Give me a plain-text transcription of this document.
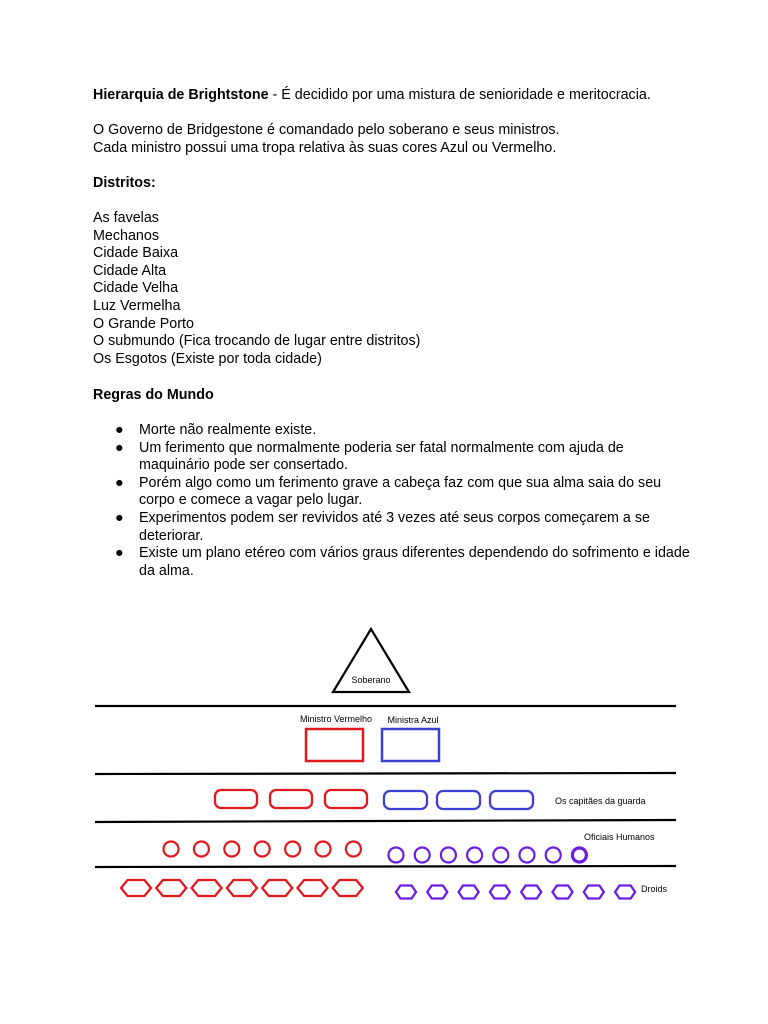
Hierarquia de Brightstone - É decidido por uma mistura de senioridade e meritocracia.
O Governo de Bridgestone é comandado pelo soberano e seus ministros.
Cada ministro possui uma tropa relativa às suas cores Azul ou Vermelho.
Distritos:
As favelas
Mechanos
Cidade Baixa
Cidade Alta
Cidade Velha
Luz Vermelha
O Grande Porto
O submundo (Fica trocando de lugar entre distritos)
Os Esgotos (Existe por toda cidade)
Regras do Mundo
● Morte não realmente existe.
● Um ferimento que normalmente poderia ser fatal normalmente com ajuda de maquinário pode ser consertado.
● Porém algo como um ferimento grave a cabeça faz com que sua alma saia do seu corpo e comece a vagar pelo lugar.
● Experimentos podem ser revividos até 3 vezes até seus corpos começarem a se deteriorar.
● Existe um plano etéreo com vários graus diferentes dependendo do sofrimento e idade da alma.
Soberano
Ministro Vermelho Ministra Azul
Os capitães da guarda
Oficiais Humanos
Droids
